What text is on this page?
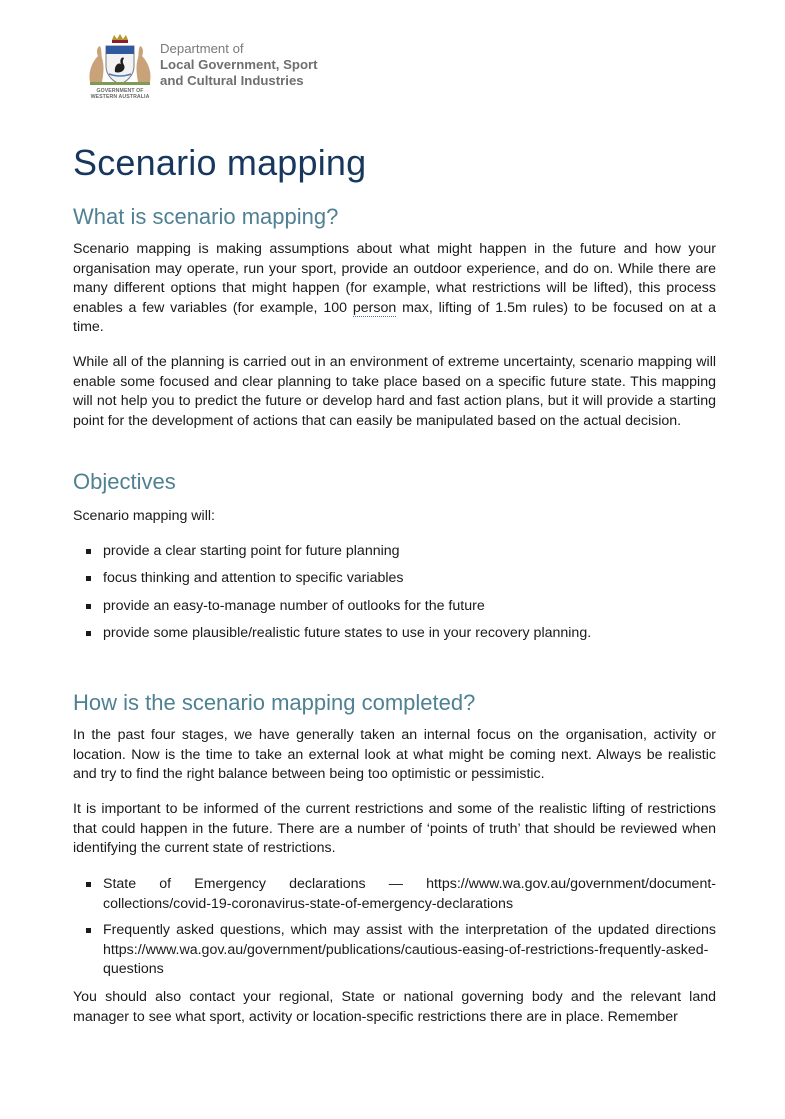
GOVERNMENT OF
WESTERN AUSTRALIA
Department of
Local Government, Sport
and Cultural Industries
Scenario mapping
What is scenario mapping?

Scenario mapping is making assumptions about what might happen in the future and how your organisation may operate, run your sport, provide an outdoor experience, and do on. While there are many different options that might happen (for example, what restrictions will be lifted), this process enables a few variables (for example, 100 person max, lifting of 1.5m rules) to be focused on at a time.

While all of the planning is carried out in an environment of extreme uncertainty, scenario mapping will enable some focused and clear planning to take place based on a specific future state. This mapping will not help you to predict the future or develop hard and fast action plans, but it will provide a starting point for the development of actions that can easily be manipulated based on the actual decision.

Objectives

Scenario mapping will:

provide a clear starting point for future planning
focus thinking and attention to specific variables
provide an easy-to-manage number of outlooks for the future
provide some plausible/realistic future states to use in your recovery planning.
How is the scenario mapping completed?

In the past four stages, we have generally taken an internal focus on the organisation, activity or location. Now is the time to take an external look at what might be coming next. Always be realistic and try to find the right balance between being too optimistic or pessimistic.

It is important to be informed of the current restrictions and some of the realistic lifting of restrictions that could happen in the future. There are a number of ‘points of truth’ that should be reviewed when identifying the current state of restrictions.

State of Emergency declarations — https://www.wa.gov.au/government/document-collections/covid-19-coronavirus-state-of-emergency-declarations
Frequently asked questions, which may assist with the interpretation of the updated directions https://www.wa.gov.au/government/publications/cautious-easing-of-restrictions-frequently-asked-questions

You should also contact your regional, State or national governing body and the relevant land manager to see what sport, activity or location-specific restrictions there are in place. Remember
